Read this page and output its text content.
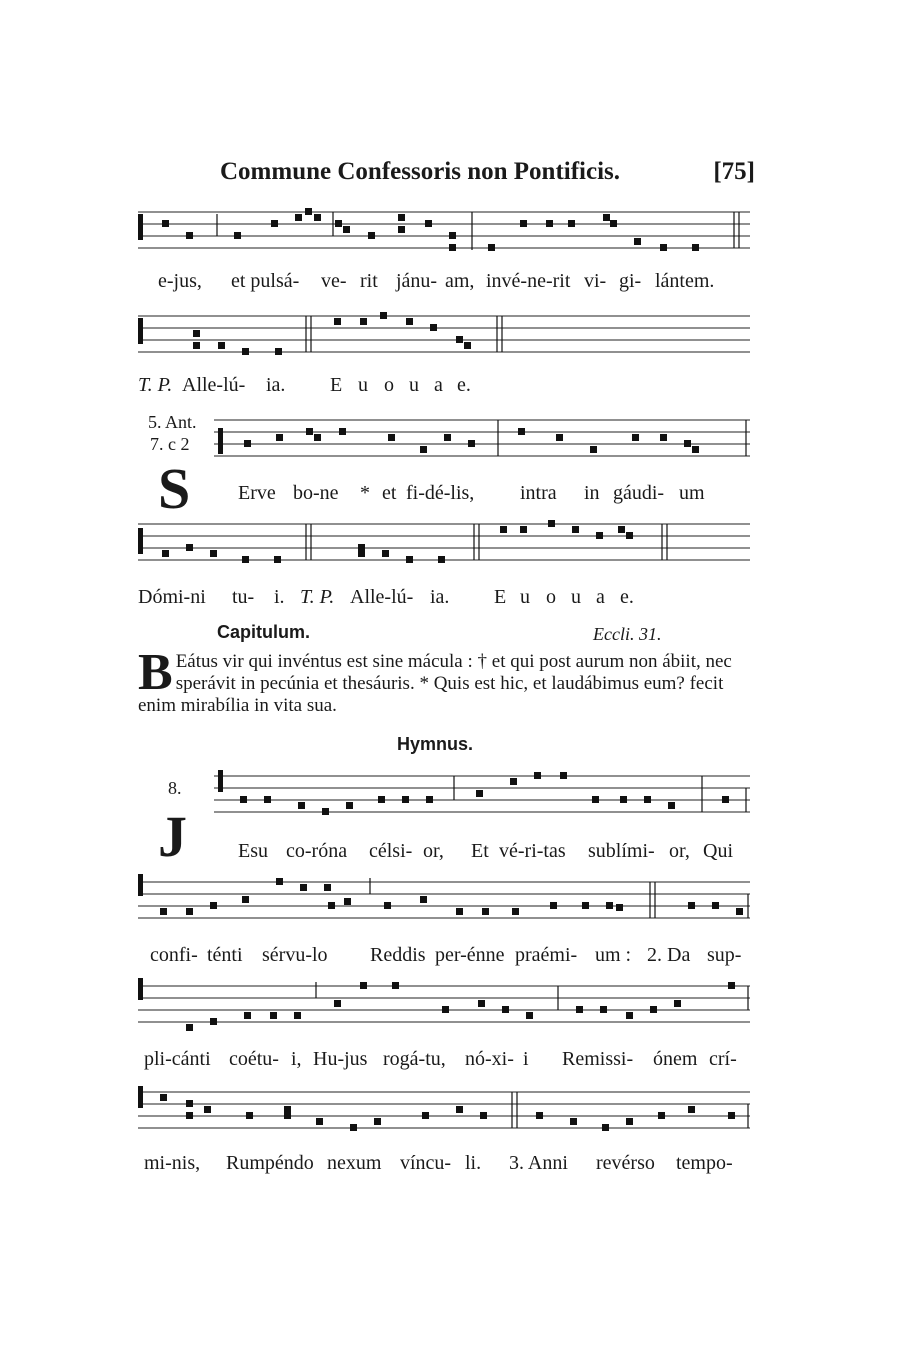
Commune Confessoris non Pontificis.	[75]
e-jus, et pulsá- ve- rit jánu- am, invé-ne-rit vi- gi- lántem.
T. P. Alle-lú- ia. E u o u a e.
5. Ant.
7. c 2
S Erve bo-ne * et fi-dé-lis, intra in gáudi- um
Dómi-ni tu- i. T. P. Alle-lú- ia. E u o u a e.
Capitulum.	Eccli. 31.
B Eátus vir qui invéntus est sine mácula : † et qui post aurum non ábiit, nec sperávit in pecúnia et thesáuris. * Quis est hic, et laudábimus eum? fecit enim mirabília in vita sua.
Hymnus.
8.
J	Esu co-róna célsi- or, Et vé-ri-tas sublími- or, Qui
confi- ténti sérvu-lo Reddis per-énne praémi- um : 2. Da sup-
pli-cánti coétu- i, Hu-jus rogá-tu, nó-xi- i Remissi- ónem crí-
mi-nis, Rumpéndo nexum víncu- li. 3. Anni revérso tempo-
